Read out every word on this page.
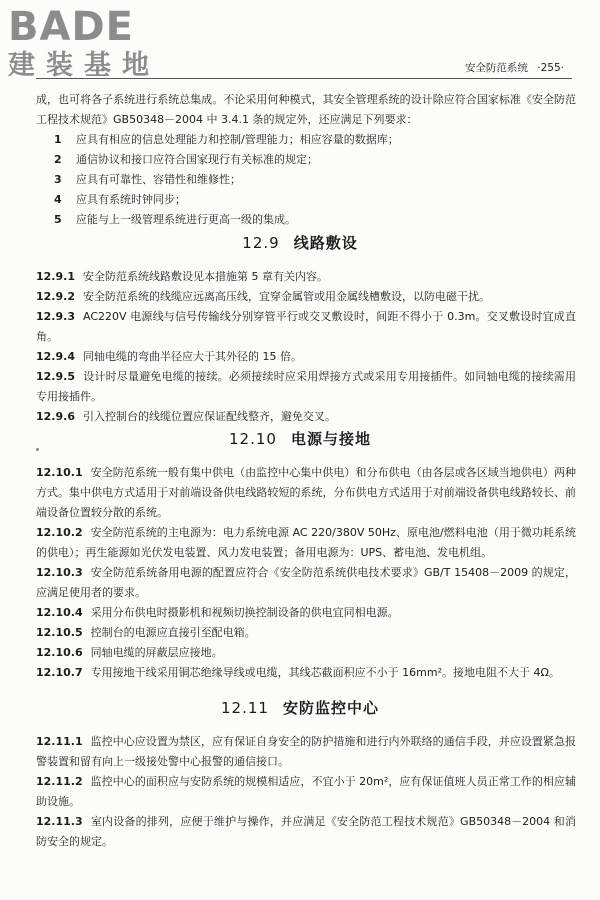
BADE
建装基地	安全防范系统 ·255·

成，也可将各子系统进行系统总集成。不论采用何种模式，其安全管理系统的设计除应符合国家标准《安全防范工程技术规范》GB50348－2004 中 3.4.1 条的规定外，还应满足下列要求：

1 应具有相应的信息处理能力和控制/管理能力；相应容量的数据库；
2 通信协议和接口应符合国家现行有关标准的规定；
3 应具有可靠性、容错性和维修性；
4 应具有系统时钟同步；
5 应能与上一级管理系统进行更高一级的集成。
12.9 线路敷设

12.9.1 安全防范系统线路敷设见本措施第 5 章有关内容。

12.9.2 安全防范系统的线缆应远离高压线，宜穿金属管或用金属线槽敷设，以防电磁干扰。

12.9.3 AC220V 电源线与信号传输线分别穿管平行或交叉敷设时，间距不得小于 0.3m。交叉敷设时宜成直角。

12.9.4 同轴电缆的弯曲半径应大于其外径的 15 倍。

12.9.5 设计时尽量避免电缆的接续。必须接续时应采用焊接方式或采用专用接插件。如同轴电缆的接续需用专用接插件。

12.9.6 引入控制台的线缆位置应保证配线整齐，避免交叉。

12.10 电源与接地

12.10.1 安全防范系统一般有集中供电（由监控中心集中供电）和分布供电（由各层或各区域当地供电）两种方式。集中供电方式适用于对前端设备供电线路较短的系统，分布供电方式适用于对前端设备供电线路较长、前端设备位置较分散的系统。

12.10.2 安全防范系统的主电源为：电力系统电源 AC 220/380V 50Hz、原电池/燃料电池（用于微功耗系统的供电）；再生能源如光伏发电装置、风力发电装置；备用电源为：UPS、蓄电池、发电机组。

12.10.3 安全防范系统备用电源的配置应符合《安全防范系统供电技术要求》GB/T 15408－2009 的规定，应满足使用者的要求。

12.10.4 采用分布供电时摄影机和视频切换控制设备的供电宜同相电源。

12.10.5 控制台的电源应直接引至配电箱。

12.10.6 同轴电缆的屏蔽层应接地。

12.10.7 专用接地干线采用铜芯绝缘导线或电缆，其线芯截面积应不小于 16mm²。接地电阻不大于 4Ω。

12.11 安防监控中心

12.11.1 监控中心应设置为禁区，应有保证自身安全的防护措施和进行内外联络的通信手段，并应设置紧急报警装置和留有向上一级接处警中心报警的通信接口。

12.11.2 监控中心的面积应与安防系统的规模相适应，不宜小于 20m²，应有保证值班人员正常工作的相应辅助设施。

12.11.3 室内设备的排列，应便于维护与操作，并应满足《安全防范工程技术规范》GB50348－2004 和消防安全的规定。
